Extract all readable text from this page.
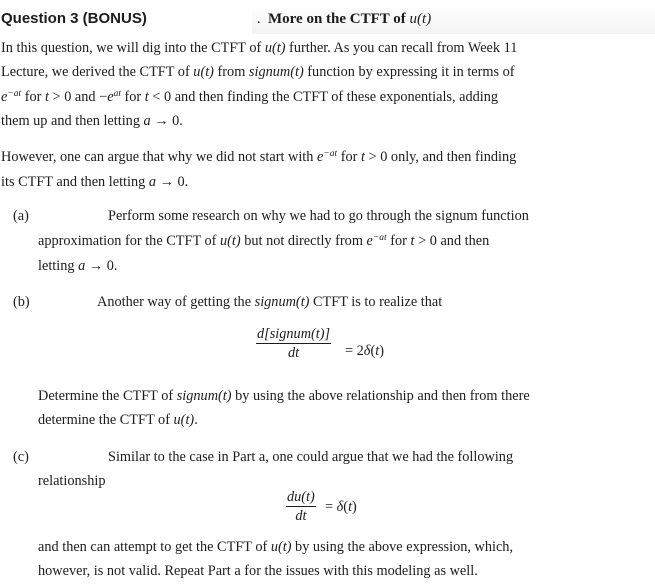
Question 3 (BONUS)	. More on the CTFT of u(t)
In this question, we will dig into the CTFT of u(t) further. As you can recall from Week 11
Lecture, we derived the CTFT of u(t) from signum(t) function by expressing it in terms of
$e^{-at}$ for t > 0 and $-e^{at}$ for t < 0 and then finding the CTFT of these exponentials, adding
them up and then letting a → 0.
However, one can argue that why we did not start with $e^{-at}$ for t > 0 only, and then finding
its CTFT and then letting a → 0.
(a)	Perform some research on why we had to go through the signum function
approximation for the CTFT of u(t) but not directly from $e^{-at}$ for t > 0 and then
letting a → 0.
(b)	Another way of getting the signum(t) CTFT is to realize that
d[signum(t)]
dt	= 2δ(t)
Determine the CTFT of signum(t) by using the above relationship and then from there
determine the CTFT of u(t).
(c)	Similar to the case in Part a, one could argue that we had the following
relationship
$\frac{du(t)}{dt} = \delta(t)$
and then can attempt to get the CTFT of u(t) by using the above expression, which,
however, is not valid. Repeat Part a for the issues with this modeling as well.
